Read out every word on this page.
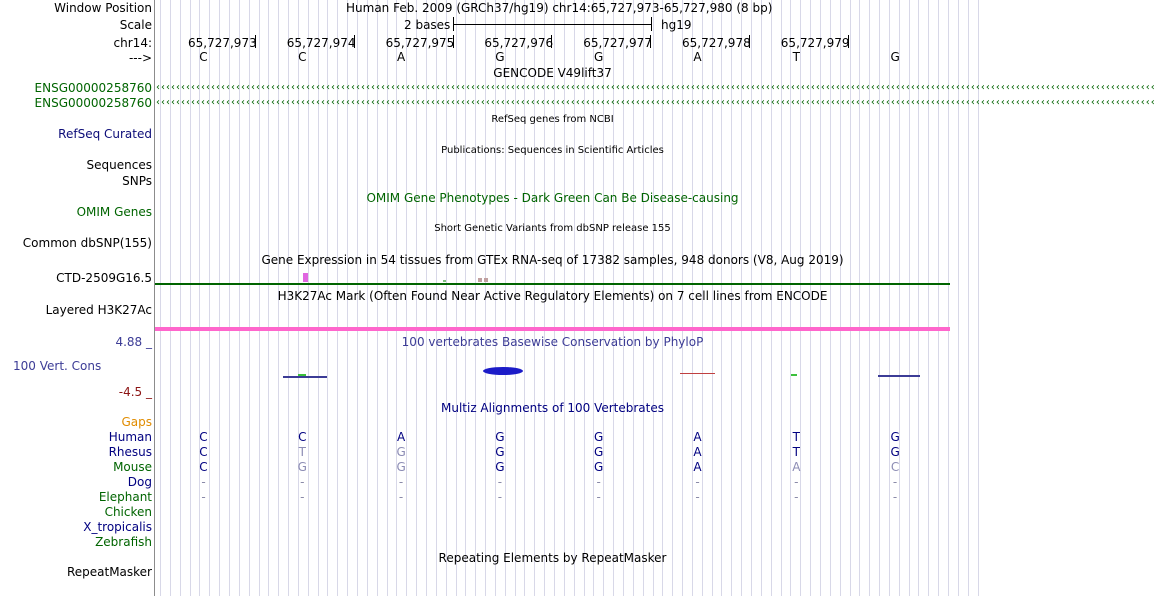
Window Position	Human Feb. 2009 (GRCh37/hg19) chr14:65,727,973-65,727,980 (8 bp)
Scale	2 bases	hg19
chr14:	65,727,973	65,727,974	65,727,975	65,727,976	65,727,977	65,727,978	65,727,979
--->	C	C	A	G	G	A	T	G
GENCODE V49lift37
ENSG00000258760 ‹‹‹‹‹‹‹‹‹‹‹‹‹‹‹‹‹‹‹‹‹‹‹‹‹‹‹‹‹‹‹‹‹‹‹‹‹‹‹‹‹‹‹‹‹‹‹‹‹‹‹‹‹‹‹‹‹‹‹‹‹‹‹‹‹‹‹‹‹‹‹‹‹‹‹‹‹‹‹‹‹‹‹‹‹‹‹‹‹‹‹‹‹‹‹‹‹‹‹‹‹‹‹‹‹‹‹‹‹‹‹‹‹‹‹‹‹‹‹‹‹‹‹‹‹‹‹‹‹‹‹‹‹‹‹‹‹‹‹‹‹‹‹‹‹‹‹‹‹‹‹‹‹‹‹‹‹‹‹‹‹‹‹‹‹‹‹‹‹‹‹‹‹‹‹‹‹‹‹‹‹‹‹‹‹‹‹‹‹‹‹‹‹‹‹‹‹‹‹‹
ENSG00000258760 ‹‹‹‹‹‹‹‹‹‹‹‹‹‹‹‹‹‹‹‹‹‹‹‹‹‹‹‹‹‹‹‹‹‹‹‹‹‹‹‹‹‹‹‹‹‹‹‹‹‹‹‹‹‹‹‹‹‹‹‹‹‹‹‹‹‹‹‹‹‹‹‹‹‹‹‹‹‹‹‹‹‹‹‹‹‹‹‹‹‹‹‹‹‹‹‹‹‹‹‹‹‹‹‹‹‹‹‹‹‹‹‹‹‹‹‹‹‹‹‹‹‹‹‹‹‹‹‹‹‹‹‹‹‹‹‹‹‹‹‹‹‹‹‹‹‹‹‹‹‹‹‹‹‹‹‹‹‹‹‹‹‹‹‹‹‹‹‹‹‹‹‹‹‹‹‹‹‹‹‹‹‹‹‹‹‹‹‹‹‹‹‹‹‹‹‹‹‹‹‹
RefSeq genes from NCBI
RefSeq Curated
Publications: Sequences in Scientific Articles
Sequences
SNPs
OMIM Gene Phenotypes - Dark Green Can Be Disease-causing
OMIM Genes
Short Genetic Variants from dbSNP release 155
Common dbSNP(155)
Gene Expression in 54 tissues from GTEx RNA-seq of 17382 samples, 948 donors (V8, Aug 2019)
CTD-2509G16.5
H3K27Ac Mark (Often Found Near Active Regulatory Elements) on 7 cell lines from ENCODE
Layered H3K27Ac
4.88 _	100 vertebrates Basewise Conservation by PhyloP
100 Vert. Cons
-4.5 _
Multiz Alignments of 100 Vertebrates
Gaps
Human	C	C	A	G	G	A	T	G
Rhesus	C	T	G	G	G	A	T	G
Mouse	C	G	G	G	G	A	A	C
Dog	-	-	-	-	-	-	-	-
Elephant	-	-	-	-	-	-	-	-
Chicken
X_tropicalis
Zebrafish
Repeating Elements by RepeatMasker
RepeatMasker
